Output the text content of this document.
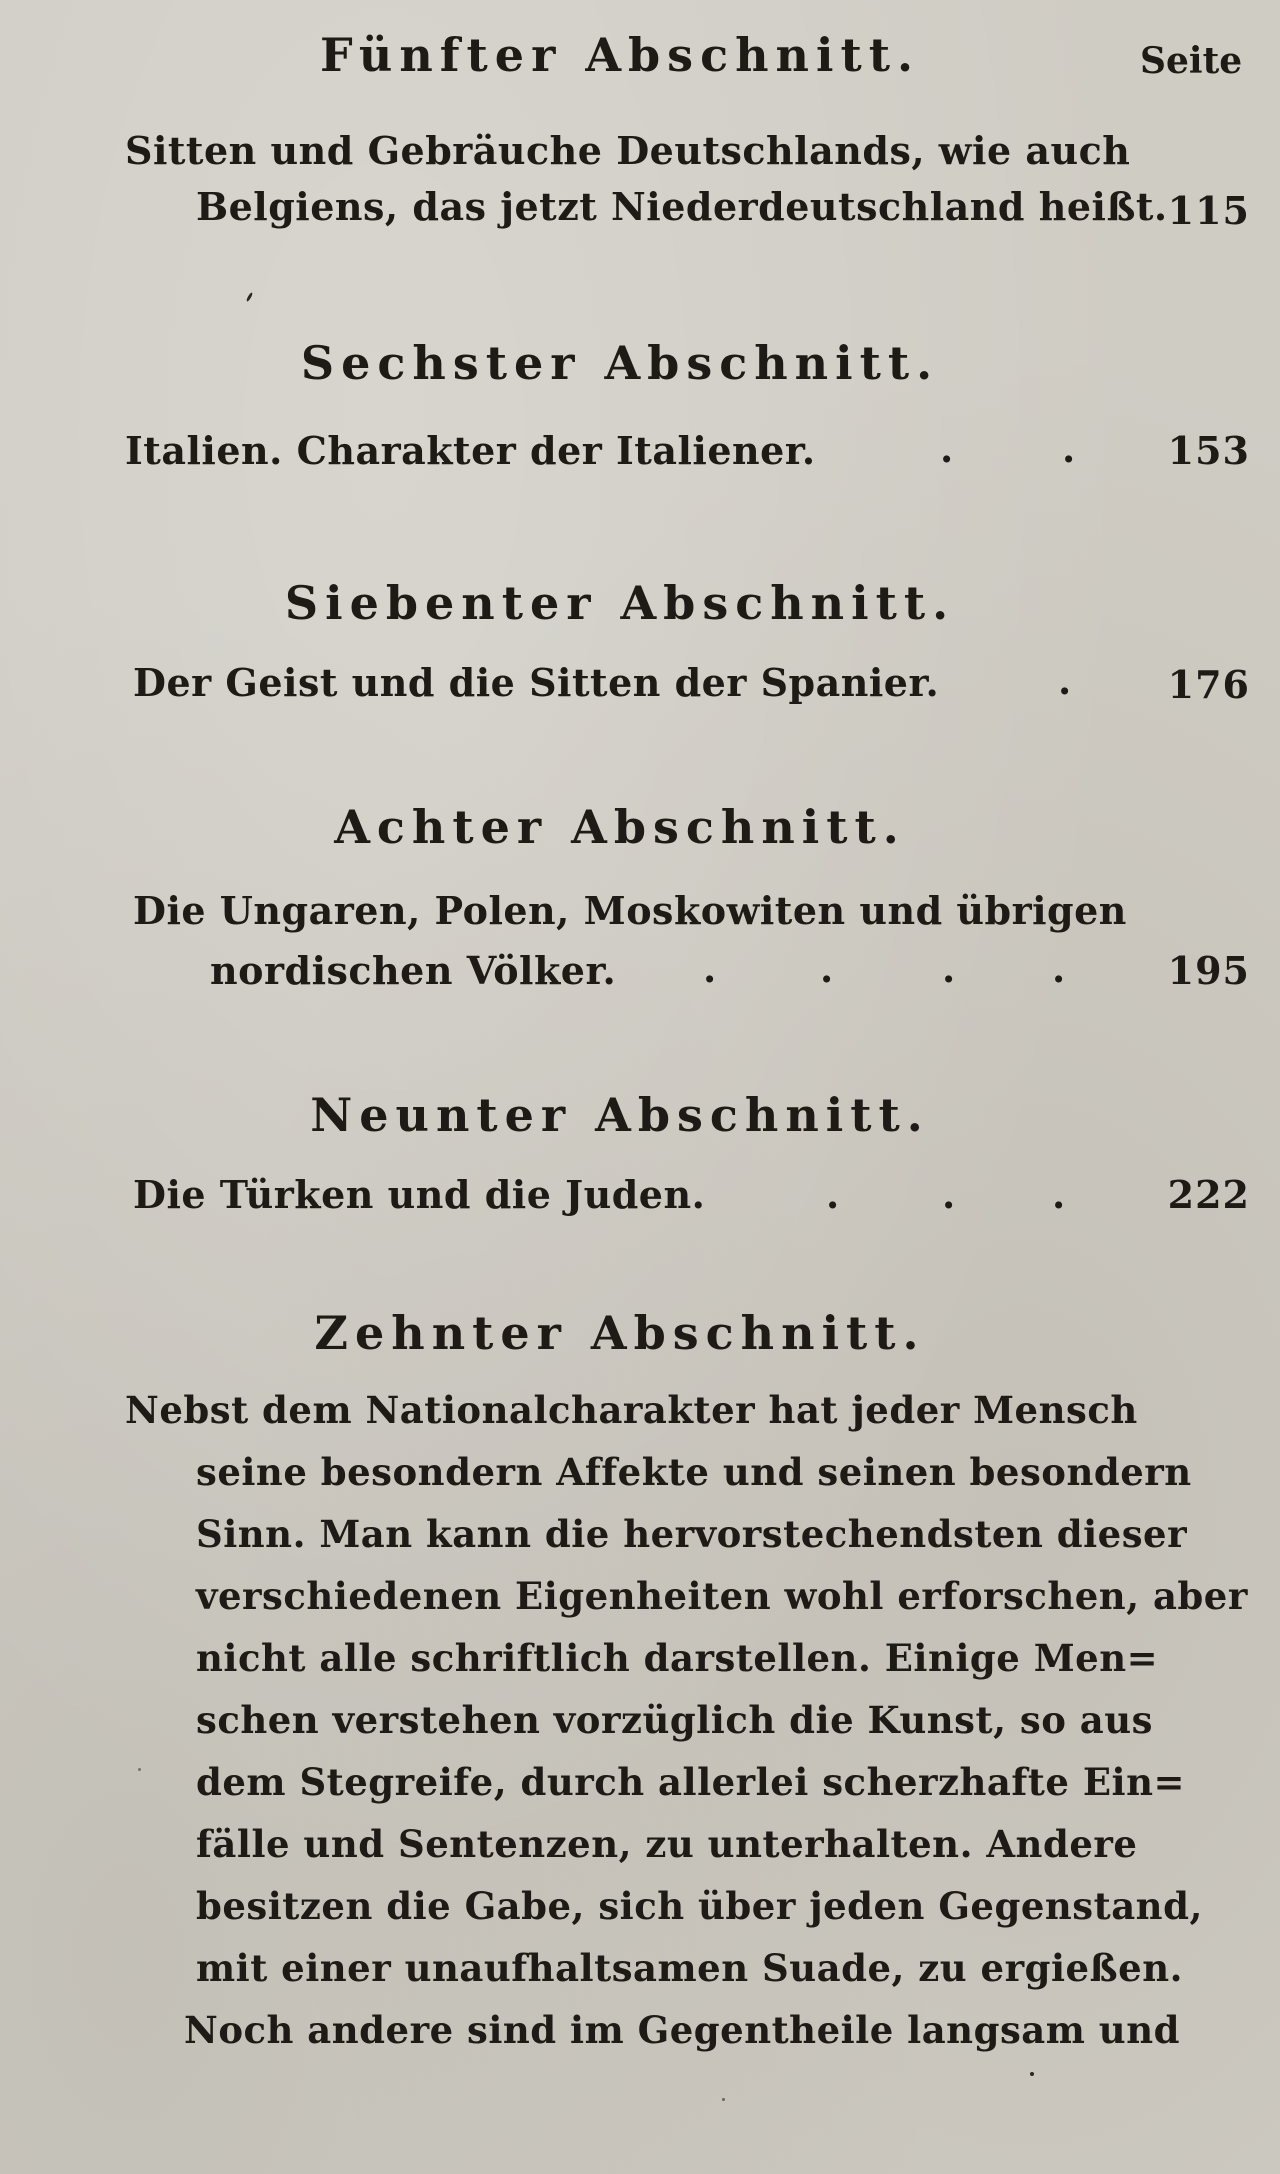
Seite
Fünfter Abschnitt.
Sitten und Gebräuche Deutschlands, wie auch
Belgiens, das jetzt Niederdeutschland heißt. 115
Sechster Abschnitt.
Italien. Charakter der Italiener.	.	. 153
Siebenter Abschnitt.
Der Geist und die Sitten der Spanier.	.	176
Achter Abschnitt.
Die Ungaren, Polen, Moskowiten und übrigen
nordischen Völker. .	.	.	.	195
Neunter Abschnitt.
Die Türken und die Juden.	.	.	.	222
Zehnter Abschnitt.
Nebst dem Nationalcharakter hat jeder Mensch
seine besondern Affekte und seinen besondern
Sinn. Man kann die hervorstechendsten dieser
verschiedenen Eigenheiten wohl erforschen, aber
nicht alle schriftlich darstellen. Einige Men=
schen verstehen vorzüglich die Kunst, so aus
dem Stegreife, durch allerlei scherzhafte Ein=
fälle und Sentenzen, zu unterhalten. Andere
besitzen die Gabe, sich über jeden Gegenstand,
mit einer unaufhaltsamen Suade, zu ergießen.
Noch andere sind im Gegentheile langsam und
